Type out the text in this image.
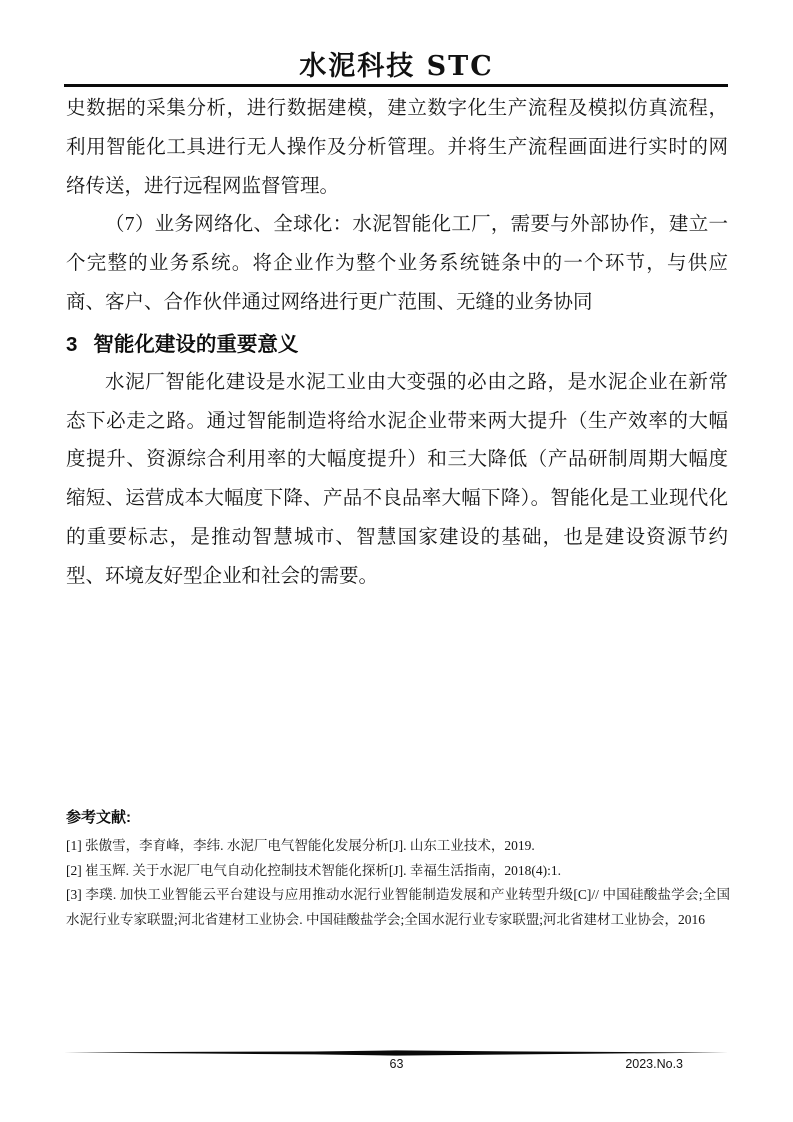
水泥科技 STC

史数据的采集分析，进行数据建模，建立数字化生产流程及模拟仿真流程，利用智能化工具进行无人操作及分析管理。并将生产流程画面进行实时的网络传送，进行远程网监督管理。

（7）业务网络化、全球化：水泥智能化工厂，需要与外部协作，建立一个完整的业务系统。将企业作为整个业务系统链条中的一个环节，与供应商、客户、合作伙伴通过网络进行更广范围、无缝的业务协同

3 智能化建设的重要意义

水泥厂智能化建设是水泥工业由大变强的必由之路，是水泥企业在新常态下必走之路。通过智能制造将给水泥企业带来两大提升（生产效率的大幅度提升、资源综合利用率的大幅度提升）和三大降低（产品研制周期大幅度缩短、运营成本大幅度下降、产品不良品率大幅下降）。智能化是工业现代化的重要标志，是推动智慧城市、智慧国家建设的基础，也是建设资源节约型、环境友好型企业和社会的需要。

参考文献:
[1] 张傲雪，李育峰，李纬. 水泥厂电气智能化发展分析[J]. 山东工业技术，2019.
[2] 崔玉辉. 关于水泥厂电气自动化控制技术智能化探析[J]. 幸福生活指南，2018(4):1.
[3] 李璞. 加快工业智能云平台建设与应用推动水泥行业智能制造发展和产业转型升级[C]// 中国硅酸盐学会;全国水泥行业专家联盟;河北省建材工业协会. 中国硅酸盐学会;全国水泥行业专家联盟;河北省建材工业协会，2016
63	2023.No.3
